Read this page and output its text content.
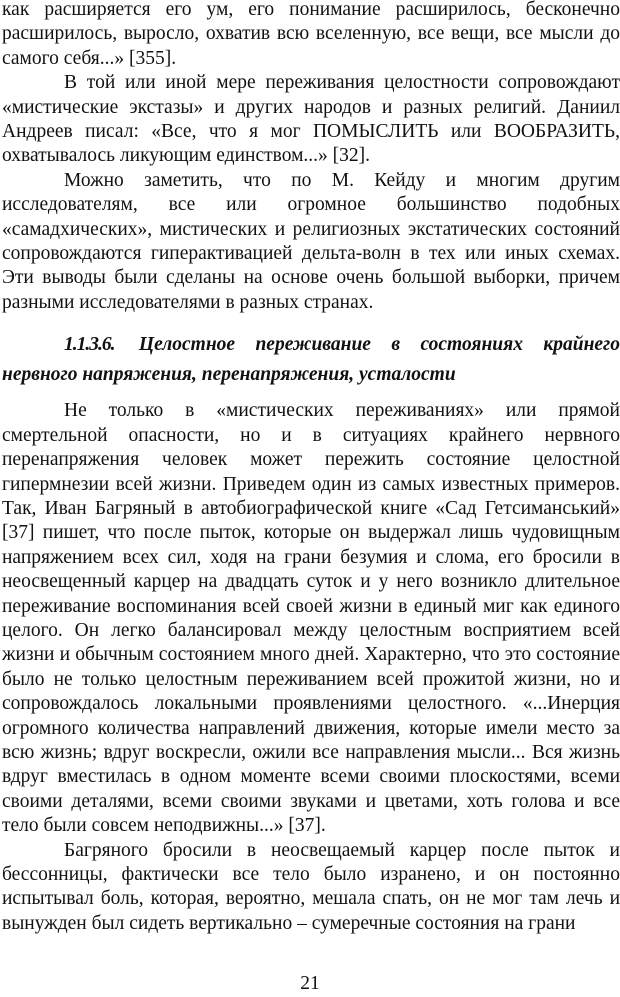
как расширяется его ум, его понимание расширилось, бесконечно расширилось, выросло, охватив всю вселенную, все вещи, все мысли до самого себя...» [355].

В той или иной мере переживания целостности сопровождают «мистические экстазы» и других народов и разных религий. Даниил Андреев писал: «Все, что я мог ПОМЫСЛИТЬ или ВООБРАЗИТЬ, охватывалось ликующим единством...» [32].

Можно заметить, что по М. Кейду и многим другим исследователям, все или огромное большинство подобных «самадхических», мистических и религиозных экстатических состояний сопровождаются гиперактивацией дельта-волн в тех или иных схемах. Эти выводы были сделаны на основе очень большой выборки, причем разными исследователями в разных странах.

1.1.3.6. Целостное переживание в состояниях крайнего нервного напряжения, перенапряжения, усталости

Не только в «мистических переживаниях» или прямой смертельной опасности, но и в ситуациях крайнего нервного перенапряжения человек может пережить состояние целостной гипермнезии всей жизни. Приведем один из самых известных примеров. Так, Иван Багряный в автобиографической книге «Сад Гетсиманський» [37] пишет, что после пыток, которые он выдержал лишь чудовищным напряжением всех сил, ходя на грани безумия и слома, его бросили в неосвещенный карцер на двадцать суток и у него возникло длительное переживание воспоминания всей своей жизни в единый миг как единого целого. Он легко балансировал между целостным восприятием всей жизни и обычным состоянием много дней. Характерно, что это состояние было не только целостным переживанием всей прожитой жизни, но и сопровождалось локальными проявлениями целостного. «...Инерция огромного количества направлений движения, которые имели место за всю жизнь; вдруг воскресли, ожили все направления мысли... Вся жизнь вдруг вместилась в одном моменте всеми своими плоскостями, всеми своими деталями, всеми своими звуками и цветами, хоть голова и все тело были совсем неподвижны...» [37].

Багряного бросили в неосвещаемый карцер после пыток и бессонницы, фактически все тело было изранено, и он постоянно испытывал боль, которая, вероятно, мешала спать, он не мог там лечь и вынужден был сидеть вертикально – сумеречные состояния на грани

21
